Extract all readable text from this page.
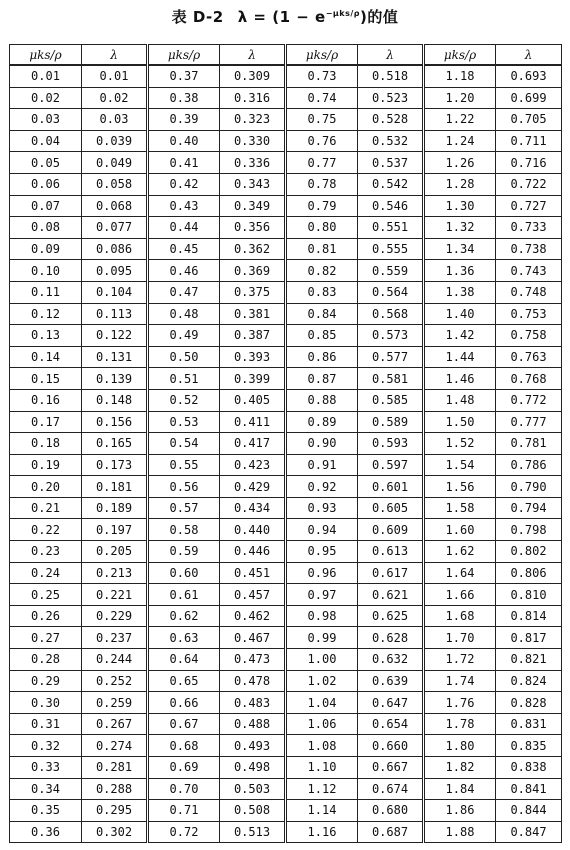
表 D-2 $\lambda = (1 - e^{-\mu ks/\rho})$的值
μks/ρ	λ	μks/ρ	λ	μks/ρ	λ	μks/ρ	λ
0.01	0.01	0.37	0.309	0.73	0.518	1.18	0.693
0.02	0.02	0.38	0.316	0.74	0.523	1.20	0.699
0.03	0.03	0.39	0.323	0.75	0.528	1.22	0.705
0.04	0.039	0.40	0.330	0.76	0.532	1.24	0.711
0.05	0.049	0.41	0.336	0.77	0.537	1.26	0.716
0.06	0.058	0.42	0.343	0.78	0.542	1.28	0.722
0.07	0.068	0.43	0.349	0.79	0.546	1.30	0.727
0.08	0.077	0.44	0.356	0.80	0.551	1.32	0.733
0.09	0.086	0.45	0.362	0.81	0.555	1.34	0.738
0.10	0.095	0.46	0.369	0.82	0.559	1.36	0.743
0.11	0.104	0.47	0.375	0.83	0.564	1.38	0.748
0.12	0.113	0.48	0.381	0.84	0.568	1.40	0.753
0.13	0.122	0.49	0.387	0.85	0.573	1.42	0.758
0.14	0.131	0.50	0.393	0.86	0.577	1.44	0.763
0.15	0.139	0.51	0.399	0.87	0.581	1.46	0.768
0.16	0.148	0.52	0.405	0.88	0.585	1.48	0.772
0.17	0.156	0.53	0.411	0.89	0.589	1.50	0.777
0.18	0.165	0.54	0.417	0.90	0.593	1.52	0.781
0.19	0.173	0.55	0.423	0.91	0.597	1.54	0.786
0.20	0.181	0.56	0.429	0.92	0.601	1.56	0.790
0.21	0.189	0.57	0.434	0.93	0.605	1.58	0.794
0.22	0.197	0.58	0.440	0.94	0.609	1.60	0.798
0.23	0.205	0.59	0.446	0.95	0.613	1.62	0.802
0.24	0.213	0.60	0.451	0.96	0.617	1.64	0.806
0.25	0.221	0.61	0.457	0.97	0.621	1.66	0.810
0.26	0.229	0.62	0.462	0.98	0.625	1.68	0.814
0.27	0.237	0.63	0.467	0.99	0.628	1.70	0.817
0.28	0.244	0.64	0.473	1.00	0.632	1.72	0.821
0.29	0.252	0.65	0.478	1.02	0.639	1.74	0.824
0.30	0.259	0.66	0.483	1.04	0.647	1.76	0.828
0.31	0.267	0.67	0.488	1.06	0.654	1.78	0.831
0.32	0.274	0.68	0.493	1.08	0.660	1.80	0.835
0.33	0.281	0.69	0.498	1.10	0.667	1.82	0.838
0.34	0.288	0.70	0.503	1.12	0.674	1.84	0.841
0.35	0.295	0.71	0.508	1.14	0.680	1.86	0.844
0.36	0.302	0.72	0.513	1.16	0.687	1.88	0.847
